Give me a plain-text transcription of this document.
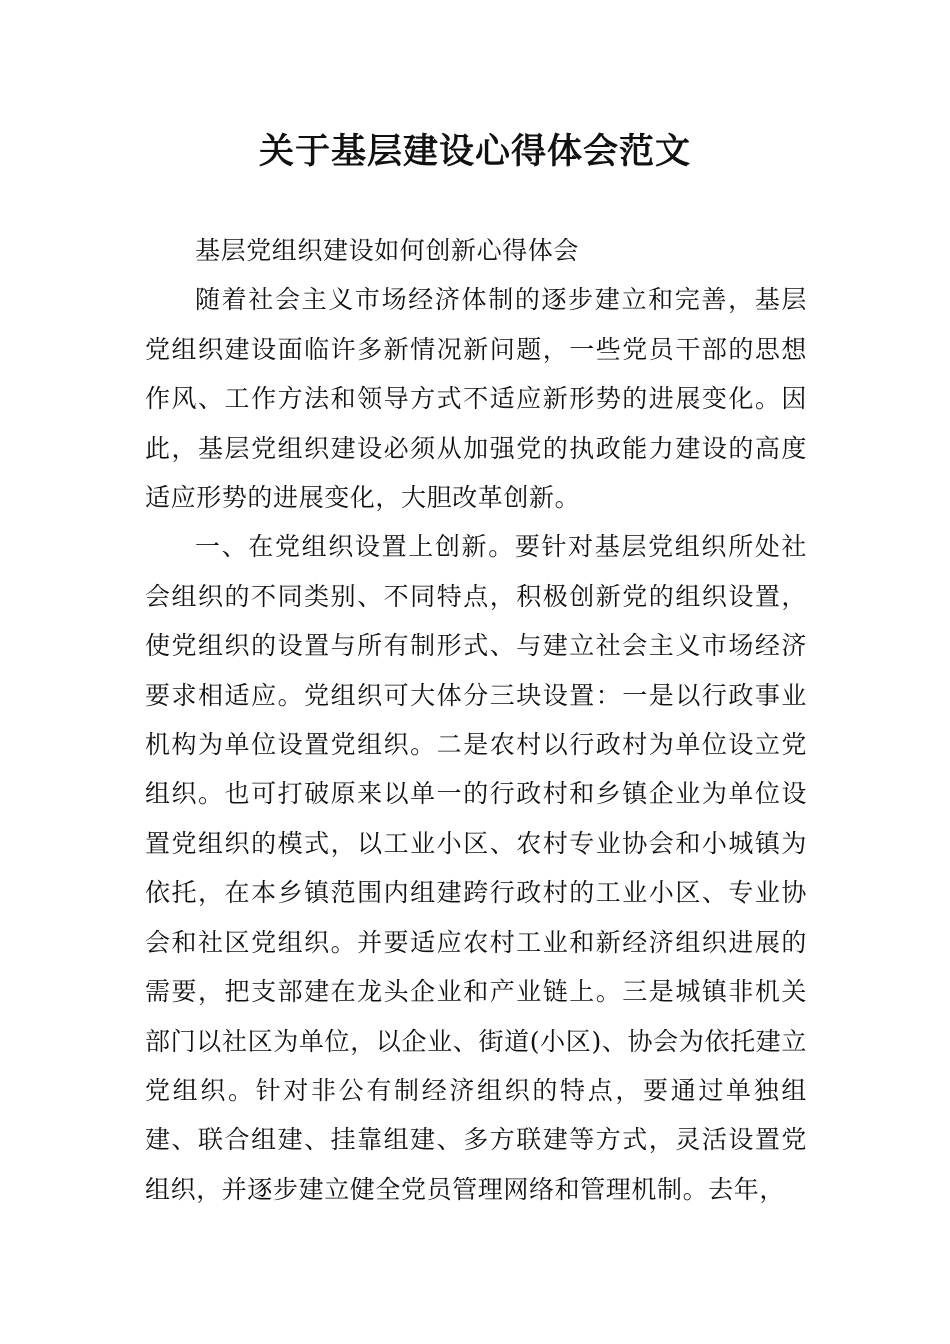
关于基层建设心得体会范文

基层党组织建设如何创新心得体会

随着社会主义市场经济体制的逐步建立和完善，基层党组织建设面临许多新情况新问题，一些党员干部的思想作风、工作方法和领导方式不适应新形势的进展变化。因此，基层党组织建设必须从加强党的执政能力建设的高度适应形势的进展变化，大胆改革创新。

一、在党组织设置上创新。要针对基层党组织所处社会组织的不同类别、不同特点，积极创新党的组织设置，使党组织的设置与所有制形式、与建立社会主义市场经济要求相适应。党组织可大体分三块设置：一是以行政事业机构为单位设置党组织。二是农村以行政村为单位设立党组织。也可打破原来以单一的行政村和乡镇企业为单位设置党组织的模式，以工业小区、农村专业协会和小城镇为依托，在本乡镇范围内组建跨行政村的工业小区、专业协会和社区党组织。并要适应农村工业和新经济组织进展的需要，把支部建在龙头企业和产业链上。三是城镇非机关部门以社区为单位，以企业、街道(小区)、协会为依托建立党组织。针对非公有制经济组织的特点，要通过单独组建、联合组建、挂靠组建、多方联建等方式，灵活设置党组织，并逐步建立健全党员管理网络和管理机制。去年，
